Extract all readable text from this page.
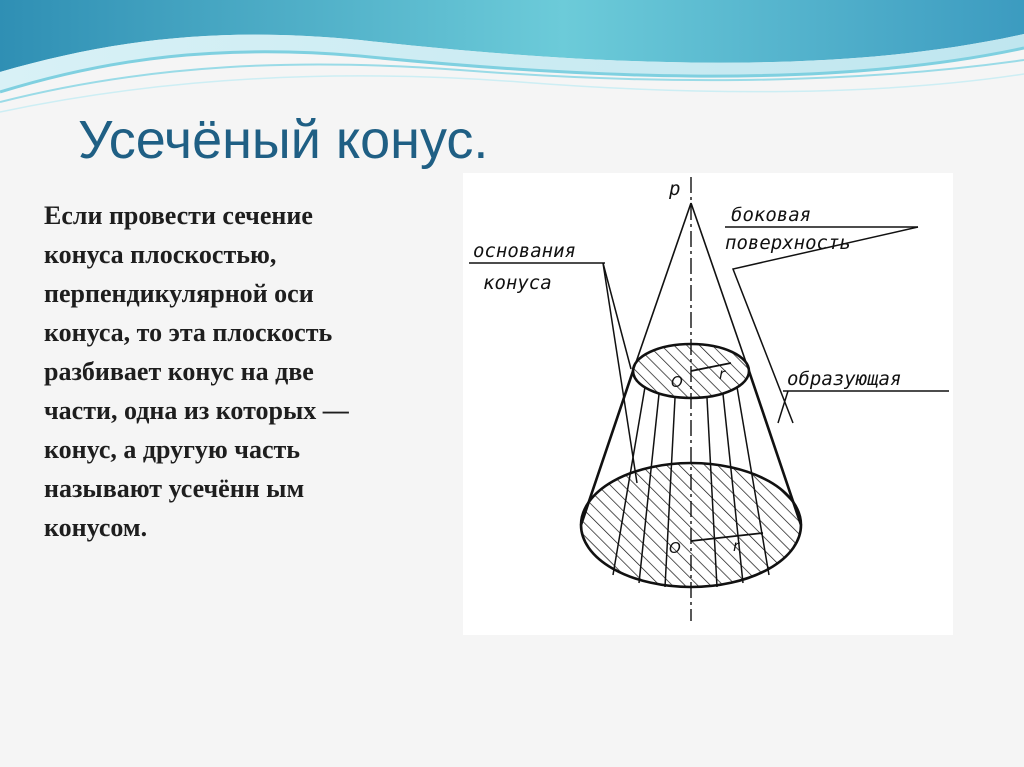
Усечёный конус.

Если провести сечение конуса плоскостью, перпендикулярной оси конуса, то эта плоскость разбивает конус на две части, одна из которых — конус, а другую часть называют усечённ ым конусом.

p
боковая
поверхность
основания
конуса
образующая
O r
O	r
